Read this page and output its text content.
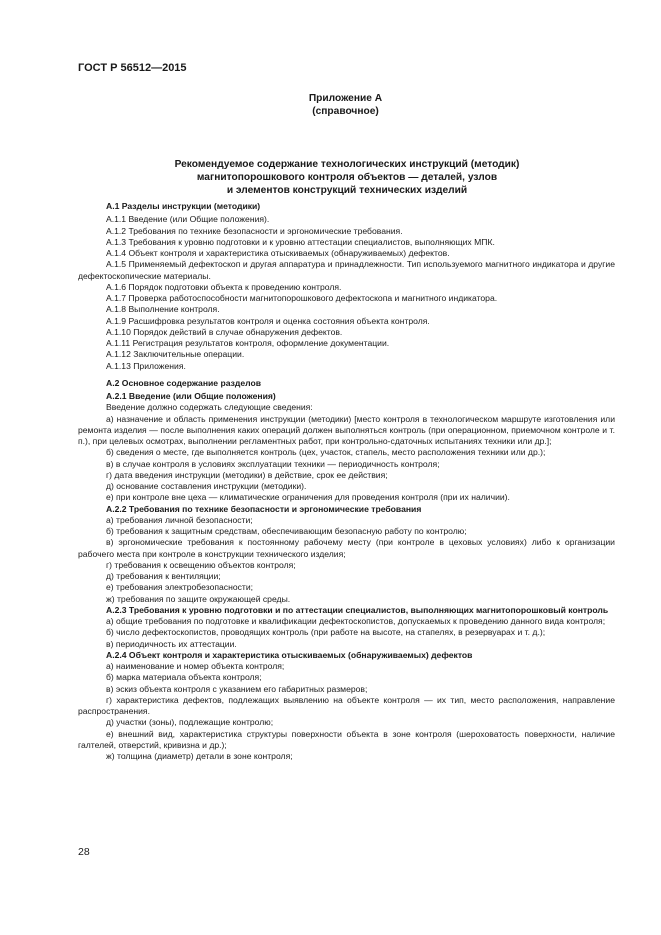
ГОСТ Р 56512—2015
Приложение А
(справочное)
Рекомендуемое содержание технологических инструкций (методик)
магнитопорошкового контроля объектов — деталей, узлов
и элементов конструкций технических изделий

А.1 Разделы инструкции (методики)

А.1.1 Введение (или Общие положения).

А.1.2 Требования по технике безопасности и эргономические требования.

А.1.3 Требования к уровню подготовки и к уровню аттестации специалистов, выполняющих МПК.

А.1.4 Объект контроля и характеристика отыскиваемых (обнаруживаемых) дефектов.

А.1.5 Применяемый дефектоскоп и другая аппаратура и принадлежности. Тип используемого магнитного индикатора и другие дефектоскопические материалы.

А.1.6 Порядок подготовки объекта к проведению контроля.

А.1.7 Проверка работоспособности магнитопорошкового дефектоскопа и магнитного индикатора.

А.1.8 Выполнение контроля.

А.1.9 Расшифровка результатов контроля и оценка состояния объекта контроля.

А.1.10 Порядок действий в случае обнаружения дефектов.

А.1.11 Регистрация результатов контроля, оформление документации.

А.1.12 Заключительные операции.

А.1.13 Приложения.

А.2 Основное содержание разделов

А.2.1 Введение (или Общие положения)

Введение должно содержать следующие сведения:

а) назначение и область применения инструкции (методики) [место контроля в технологическом маршруте изготовления или ремонта изделия — после выполнения каких операций должен выполняться контроль (при операционном, приемочном контроле и т. п.), при целевых осмотрах, выполнении регламентных работ, при контрольно-сдаточных испытаниях техники или др.];

б) сведения о месте, где выполняется контроль (цех, участок, стапель, место расположения техники или др.);

в) в случае контроля в условиях эксплуатации техники — периодичность контроля;

г) дата введения инструкции (методики) в действие, срок ее действия;

д) основание составления инструкции (методики).

е) при контроле вне цеха — климатические ограничения для проведения контроля (при их наличии).

А.2.2 Требования по технике безопасности и эргономические требования

а) требования личной безопасности;

б) требования к защитным средствам, обеспечивающим безопасную работу по контролю;

в) эргономические требования к постоянному рабочему месту (при контроле в цеховых условиях) либо к организации рабочего места при контроле в конструкции технического изделия;

г) требования к освещению объектов контроля;

д) требования к вентиляции;

е) требования электробезопасности;

ж) требования по защите окружающей среды.

А.2.3 Требования к уровню подготовки и по аттестации специалистов, выполняющих магнитопорошковый контроль

а) общие требования по подготовке и квалификации дефектоскопистов, допускаемых к проведению данного вида контроля;

б) число дефектоскопистов, проводящих контроль (при работе на высоте, на стапелях, в резервуарах и т. д.);

в) периодичность их аттестации.

А.2.4 Объект контроля и характеристика отыскиваемых (обнаруживаемых) дефектов

а) наименование и номер объекта контроля;

б) марка материала объекта контроля;

в) эскиз объекта контроля с указанием его габаритных размеров;

г) характеристика дефектов, подлежащих выявлению на объекте контроля — их тип, место расположения, направление распространения.

д) участки (зоны), подлежащие контролю;

е) внешний вид, характеристика структуры поверхности объекта в зоне контроля (шероховатость поверхности, наличие галтелей, отверстий, кривизна и др.);

ж) толщина (диаметр) детали в зоне контроля;

28
